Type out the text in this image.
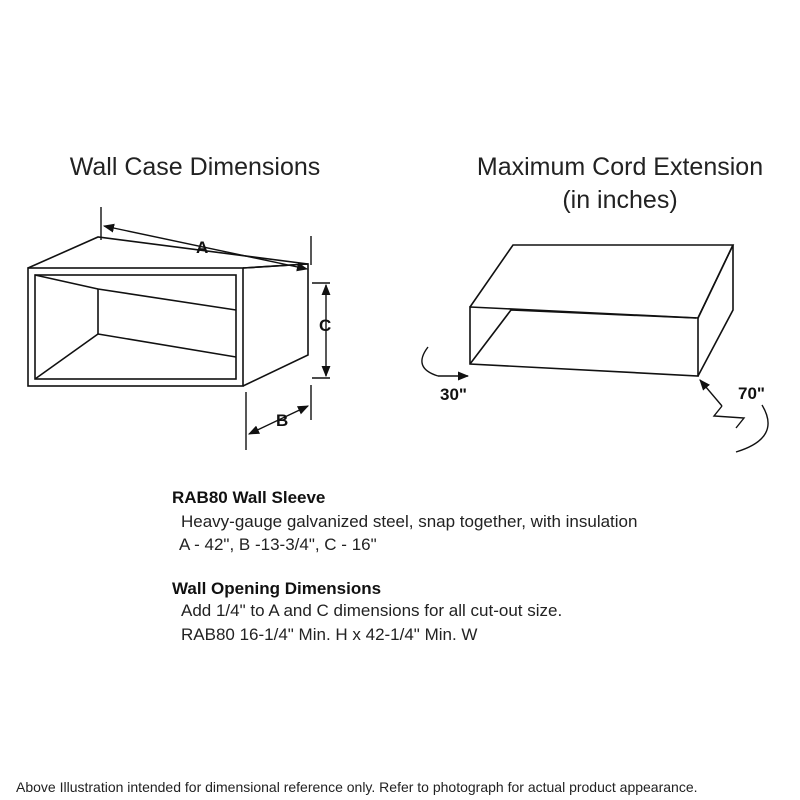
Wall Case Dimensions	Maximum Cord Extension
(in inches)
A
C
B
30"	70"
RAB80 Wall Sleeve
Heavy-gauge galvanized steel, snap together, with insulation
A - 42", B -13-3/4", C - 16"
Wall Opening Dimensions
Add 1/4" to A and C dimensions for all cut-out size.
RAB80 16-1/4" Min. H x 42-1/4" Min. W
Above Illustration intended for dimensional reference only. Refer to photograph for actual product appearance.
